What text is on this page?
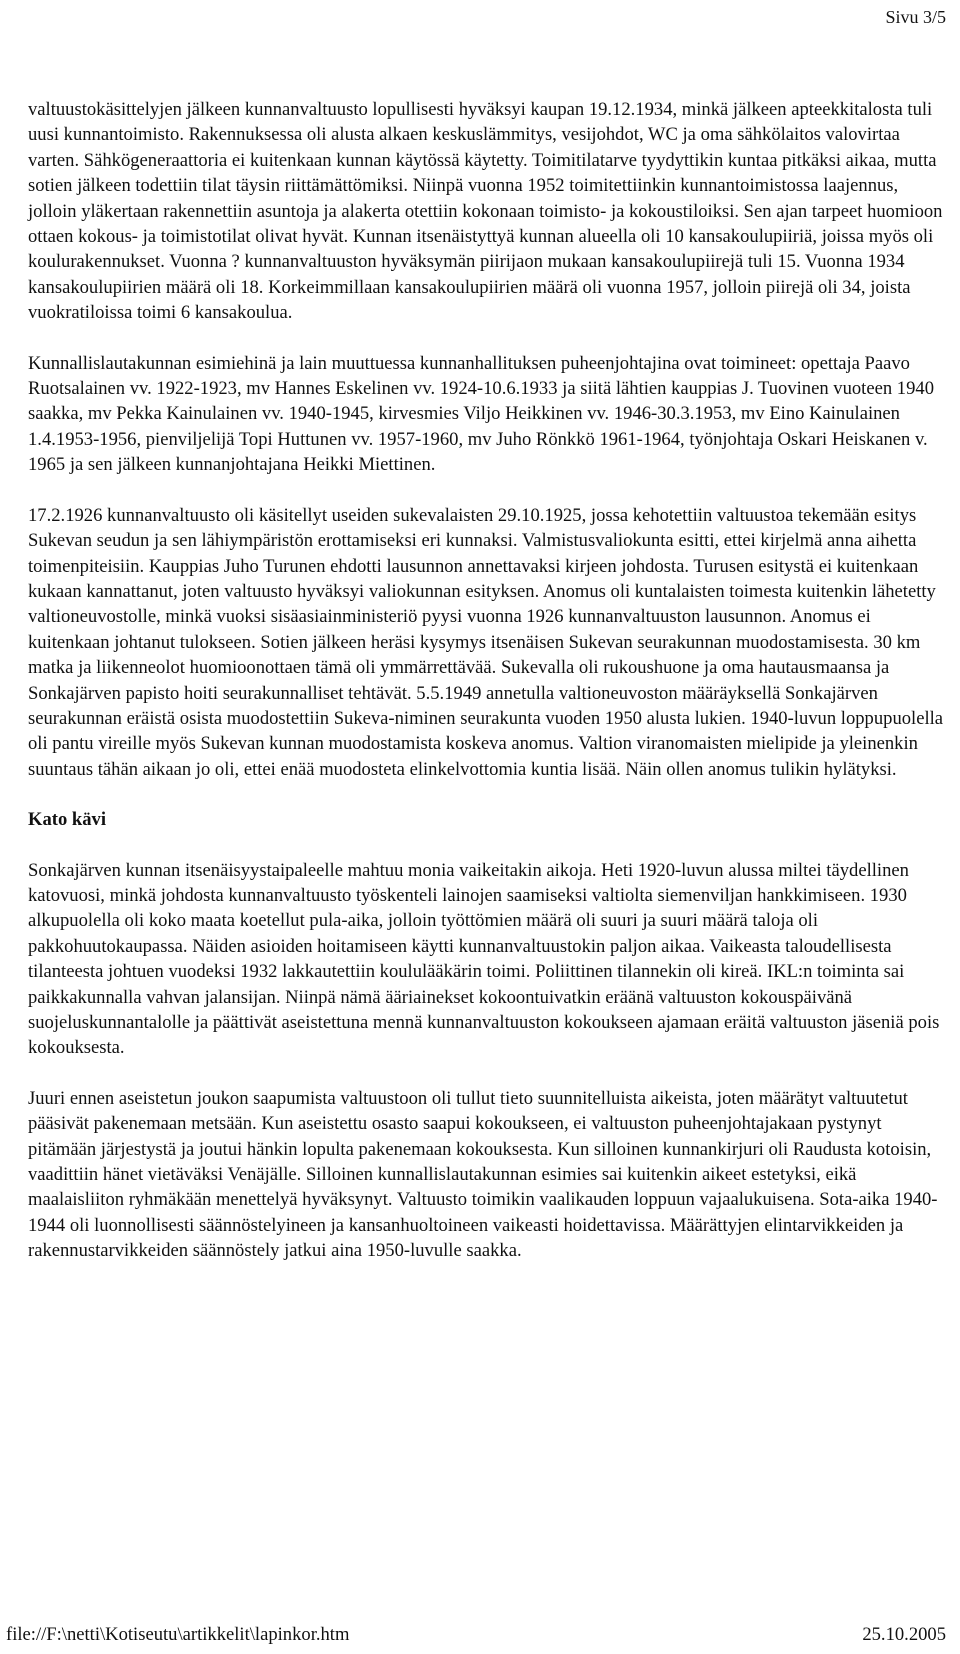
Sivu 3/5

valtuustokäsittelyjen jälkeen kunnanvaltuusto lopullisesti hyväksyi kaupan 19.12.1934, minkä jälkeen apteekkitalosta tuli uusi kunnantoimisto. Rakennuksessa oli alusta alkaen keskuslämmitys, vesijohdot, WC ja oma sähkölaitos valovirtaa varten. Sähkögeneraattoria ei kuitenkaan kunnan käytössä käytetty. Toimitilatarve tyydyttikin kuntaa pitkäksi aikaa, mutta sotien jälkeen todettiin tilat täysin riittämättömiksi. Niinpä vuonna 1952 toimitettiinkin kunnantoimistossa laajennus, jolloin yläkertaan rakennettiin asuntoja ja alakerta otettiin kokonaan toimisto- ja kokoustiloiksi. Sen ajan tarpeet huomioon ottaen kokous- ja toimistotilat olivat hyvät. Kunnan itsenäistyttyä kunnan alueella oli 10 kansakoulupiiriä, joissa myös oli koulurakennukset. Vuonna ? kunnanvaltuuston hyväksymän piirijaon mukaan kansakoulupiirejä tuli 15. Vuonna 1934 kansakoulupiirien määrä oli 18. Korkeimmillaan kansakoulupiirien määrä oli vuonna 1957, jolloin piirejä oli 34, joista vuokratiloissa toimi 6 kansakoulua.

Kunnallislautakunnan esimiehinä ja lain muuttuessa kunnanhallituksen puheenjohtajina ovat toimineet: opettaja Paavo Ruotsalainen vv. 1922-1923, mv Hannes Eskelinen vv. 1924-10.6.1933 ja siitä lähtien kauppias J. Tuovinen vuoteen 1940 saakka, mv Pekka Kainulainen vv. 1940-1945, kirvesmies Viljo Heikkinen vv. 1946-30.3.1953, mv Eino Kainulainen 1.4.1953-1956, pienviljelijä Topi Huttunen vv. 1957-1960, mv Juho Rönkkö 1961-1964, työnjohtaja Oskari Heiskanen v. 1965 ja sen jälkeen kunnanjohtajana Heikki Miettinen.

17.2.1926 kunnanvaltuusto oli käsitellyt useiden sukevalaisten 29.10.1925, jossa kehotettiin valtuustoa tekemään esitys Sukevan seudun ja sen lähiympäristön erottamiseksi eri kunnaksi. Valmistusvaliokunta esitti, ettei kirjelmä anna aihetta toimenpiteisiin. Kauppias Juho Turunen ehdotti lausunnon annettavaksi kirjeen johdosta. Turusen esitystä ei kuitenkaan kukaan kannattanut, joten valtuusto hyväksyi valiokunnan esityksen. Anomus oli kuntalaisten toimesta kuitenkin lähetetty valtioneuvostolle, minkä vuoksi sisäasiainministeriö pyysi vuonna 1926 kunnanvaltuuston lausunnon. Anomus ei kuitenkaan johtanut tulokseen. Sotien jälkeen heräsi kysymys itsenäisen Sukevan seurakunnan muodostamisesta. 30 km matka ja liikenneolot huomioonottaen tämä oli ymmärrettävää. Sukevalla oli rukoushuone ja oma hautausmaansa ja Sonkajärven papisto hoiti seurakunnalliset tehtävät. 5.5.1949 annetulla valtioneuvoston määräyksellä Sonkajärven seurakunnan eräistä osista muodostettiin Sukeva-niminen seurakunta vuoden 1950 alusta lukien. 1940-luvun loppupuolella oli pantu vireille myös Sukevan kunnan muodostamista koskeva anomus. Valtion viranomaisten mielipide ja yleinenkin suuntaus tähän aikaan jo oli, ettei enää muodosteta elinkelvottomia kuntia lisää. Näin ollen anomus tulikin hylätyksi.

Kato kävi

Sonkajärven kunnan itsenäisyystaipaleelle mahtuu monia vaikeitakin aikoja. Heti 1920-luvun alussa miltei täydellinen katovuosi, minkä johdosta kunnanvaltuusto työskenteli lainojen saamiseksi valtiolta siemenviljan hankkimiseen. 1930 alkupuolella oli koko maata koetellut pula-aika, jolloin työttömien määrä oli suuri ja suuri määrä taloja oli pakkohuutokaupassa. Näiden asioiden hoitamiseen käytti kunnanvaltuustokin paljon aikaa. Vaikeasta taloudellisesta tilanteesta johtuen vuodeksi 1932 lakkautettiin koululääkärin toimi. Poliittinen tilannekin oli kireä. IKL:n toiminta sai paikkakunnalla vahvan jalansijan. Niinpä nämä ääriainekset kokoontuivatkin eräänä valtuuston kokouspäivänä suojeluskunnantalolle ja päättivät aseistettuna mennä kunnanvaltuuston kokoukseen ajamaan eräitä valtuuston jäseniä pois kokouksesta.

Juuri ennen aseistetun joukon saapumista valtuustoon oli tullut tieto suunnitelluista aikeista, joten määrätyt valtuutetut pääsivät pakenemaan metsään. Kun aseistettu osasto saapui kokoukseen, ei valtuuston puheenjohtajakaan pystynyt pitämään järjestystä ja joutui hänkin lopulta pakenemaan kokouksesta. Kun silloinen kunnankirjuri oli Raudusta kotoisin, vaadittiin hänet vietäväksi Venäjälle. Silloinen kunnallislautakunnan esimies sai kuitenkin aikeet estetyksi, eikä maalaisliiton ryhmäkään menettelyä hyväksynyt. Valtuusto toimikin vaalikauden loppuun vajaalukuisena. Sota-aika 1940-1944 oli luonnollisesti säännöstelyineen ja kansanhuoltoineen vaikeasti hoidettavissa. Määrättyjen elintarvikkeiden ja rakennustarvikkeiden säännöstely jatkui aina 1950-luvulle saakka.

file://F:\netti\Kotiseutu\artikkelit\lapinkor.htm	25.10.2005
